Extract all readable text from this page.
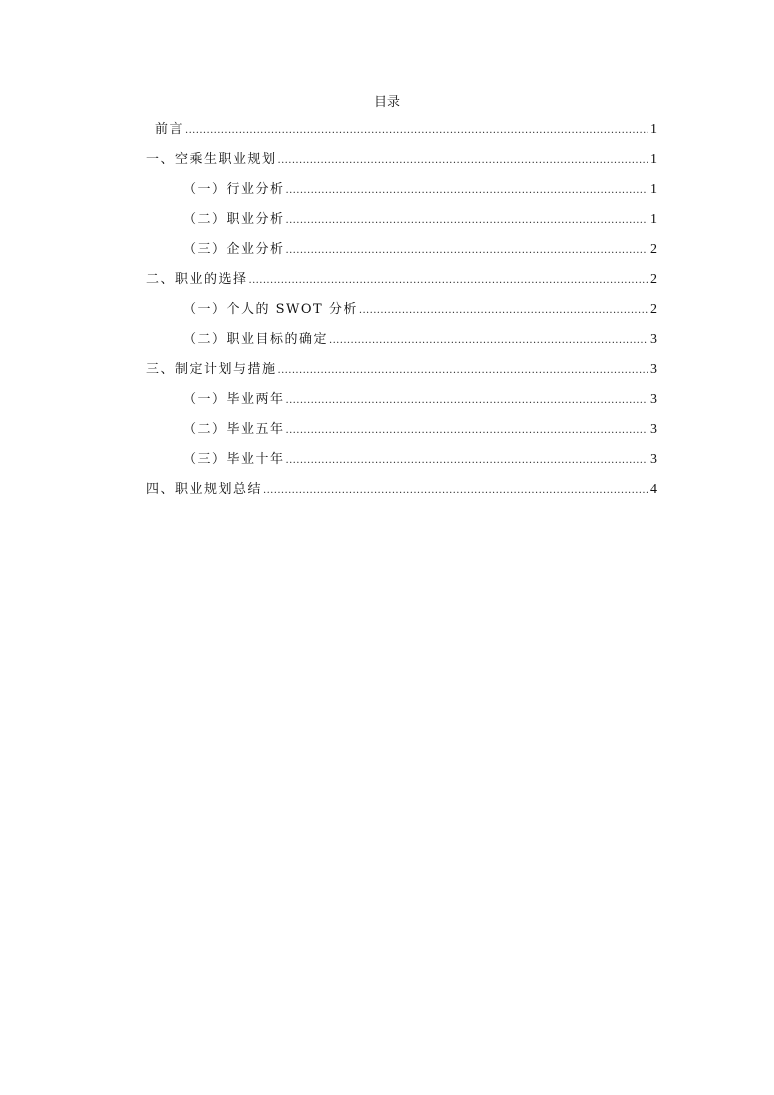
目录
前言 .....	1
一、空乘生职业规划 .....	1
（一）行业分析 .....	1
（二）职业分析 .....	1
（三）企业分析 .....	2
二、职业的选择 .....	2
（一）个人的 SWOT 分析 .....	2
（二）职业目标的确定 .....	3
三、制定计划与措施 .....	3
（一）毕业两年 .....	3
（二）毕业五年 .....	3
（三）毕业十年 .....	3
四、职业规划总结 .....	4
